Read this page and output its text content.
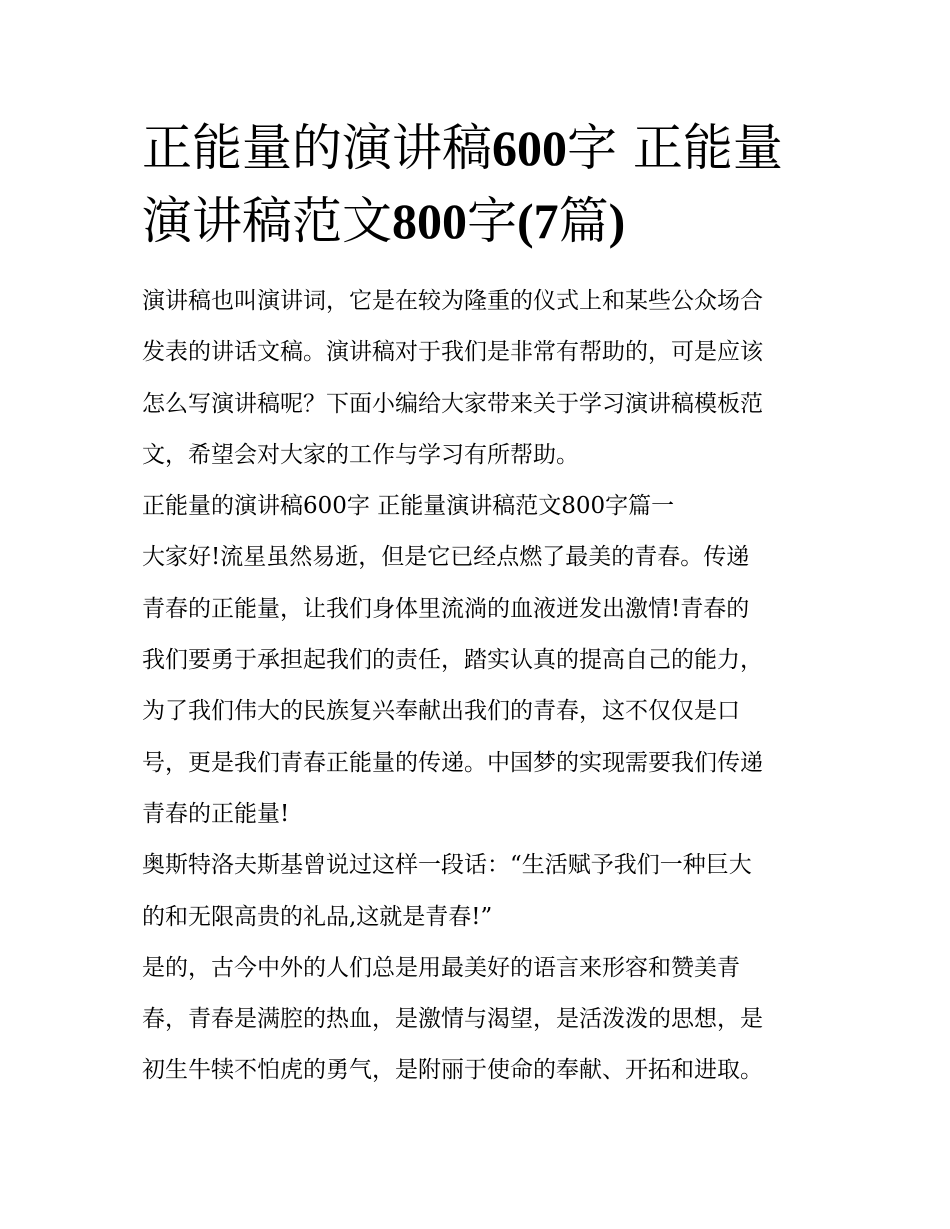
正能量的演讲稿600字 正能量
演讲稿范文800字(7篇)

演讲稿也叫演讲词，它是在较为隆重的仪式上和某些公众场合
发表的讲话文稿。演讲稿对于我们是非常有帮助的，可是应该
怎么写演讲稿呢？下面小编给大家带来关于学习演讲稿模板范
文，希望会对大家的工作与学习有所帮助。

正能量的演讲稿600字 正能量演讲稿范文800字篇一

大家好!流星虽然易逝，但是它已经点燃了最美的青春。传递
青春的正能量，让我们身体里流淌的血液迸发出激情!青春的
我们要勇于承担起我们的责任，踏实认真的提高自己的能力，
为了我们伟大的民族复兴奉献出我们的青春，这不仅仅是口
号，更是我们青春正能量的传递。中国梦的实现需要我们传递
青春的正能量!

奥斯特洛夫斯基曾说过这样一段话：“生活赋予我们一种巨大
的和无限高贵的礼品,这就是青春!”

是的，古今中外的人们总是用最美好的语言来形容和赞美青
春，青春是满腔的热血，是激情与渴望，是活泼泼的思想，是
初生牛犊不怕虎的勇气，是附丽于使命的奉献、开拓和进取。
